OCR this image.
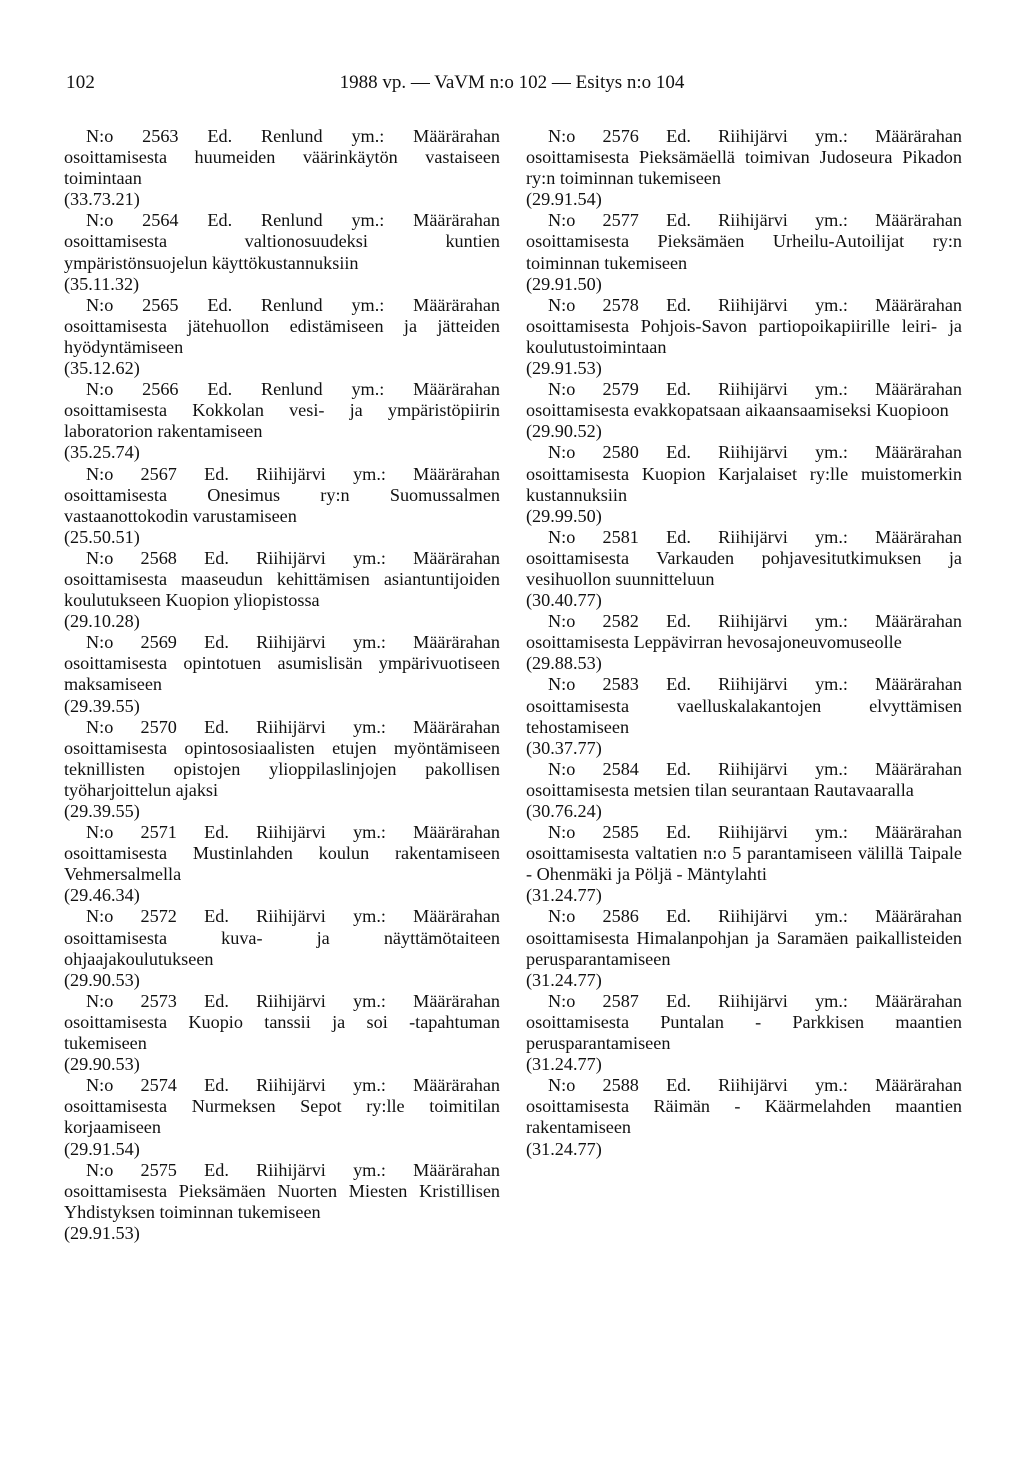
102	1988 vp. — VaVM n:o 102 — Esitys n:o 104

N:o 2563 Ed. Renlund ym.: Määrärahan
osoittamisesta huumeiden väärinkäytön vastaiseen toimintaan
(33.73.21)

N:o 2564 Ed. Renlund ym.: Määrärahan
osoittamisesta valtionosuudeksi kuntien ympäristönsuojelun käyttökustannuksiin
(35.11.32)

N:o 2565 Ed. Renlund ym.: Määrärahan
osoittamisesta jätehuollon edistämiseen ja jätteiden hyödyntämiseen
(35.12.62)

N:o 2566 Ed. Renlund ym.: Määrärahan
osoittamisesta Kokkolan vesi- ja ympäristöpiirin laboratorion rakentamiseen
(35.25.74)

N:o 2567 Ed. Riihijärvi ym.: Määrärahan
osoittamisesta Onesimus ry:n Suomussalmen vastaanottokodin varustamiseen
(25.50.51)

N:o 2568 Ed. Riihijärvi ym.: Määrärahan
osoittamisesta maaseudun kehittämisen asiantuntijoiden koulutukseen Kuopion yliopistossa
(29.10.28)

N:o 2569 Ed. Riihijärvi ym.: Määrärahan
osoittamisesta opintotuen asumislisän ympärivuotiseen maksamiseen
(29.39.55)

N:o 2570 Ed. Riihijärvi ym.: Määrärahan
osoittamisesta opintososiaalisten etujen myöntämiseen teknillisten opistojen ylioppilaslinjojen pakollisen työharjoittelun ajaksi
(29.39.55)

N:o 2571 Ed. Riihijärvi ym.: Määrärahan
osoittamisesta Mustinlahden koulun rakentamiseen Vehmersalmella
(29.46.34)

N:o 2572 Ed. Riihijärvi ym.: Määrärahan
osoittamisesta kuva- ja näyttämötaiteen ohjaajakoulutukseen
(29.90.53)

N:o 2573 Ed. Riihijärvi ym.: Määrärahan
osoittamisesta Kuopio tanssii ja soi -tapahtuman tukemiseen
(29.90.53)

N:o 2574 Ed. Riihijärvi ym.: Määrärahan
osoittamisesta Nurmeksen Sepot ry:lle toimitilan korjaamiseen
(29.91.54)

N:o 2575 Ed. Riihijärvi ym.: Määrärahan
osoittamisesta Pieksämäen Nuorten Miesten Kristillisen Yhdistyksen toiminnan tukemiseen
(29.91.53)

N:o 2576 Ed. Riihijärvi ym.: Määrärahan
osoittamisesta Pieksämäellä toimivan Judoseura Pikadon ry:n toiminnan tukemiseen
(29.91.54)

N:o 2577 Ed. Riihijärvi ym.: Määrärahan
osoittamisesta Pieksämäen Urheilu-Autoilijat ry:n toiminnan tukemiseen
(29.91.50)

N:o 2578 Ed. Riihijärvi ym.: Määrärahan
osoittamisesta Pohjois-Savon partiopoikapiirille leiri- ja koulutustoimintaan
(29.91.53)

N:o 2579 Ed. Riihijärvi ym.: Määrärahan
osoittamisesta evakkopatsaan aikaansaamiseksi Kuopioon
(29.90.52)

N:o 2580 Ed. Riihijärvi ym.: Määrärahan
osoittamisesta Kuopion Karjalaiset ry:lle muistomerkin kustannuksiin
(29.99.50)

N:o 2581 Ed. Riihijärvi ym.: Määrärahan
osoittamisesta Varkauden pohjavesitutkimuksen ja vesihuollon suunnitteluun
(30.40.77)

N:o 2582 Ed. Riihijärvi ym.: Määrärahan
osoittamisesta Leppävirran hevosajoneuvomuseolle
(29.88.53)

N:o 2583 Ed. Riihijärvi ym.: Määrärahan
osoittamisesta vaelluskalakantojen elvyttämisen tehostamiseen
(30.37.77)

N:o 2584 Ed. Riihijärvi ym.: Määrärahan
osoittamisesta metsien tilan seurantaan Rautavaaralla
(30.76.24)

N:o 2585 Ed. Riihijärvi ym.: Määrärahan
osoittamisesta valtatien n:o 5 parantamiseen välillä Taipale - Ohenmäki ja Pöljä - Mäntylahti
(31.24.77)

N:o 2586 Ed. Riihijärvi ym.: Määrärahan
osoittamisesta Himalanpohjan ja Saramäen paikallisteiden perusparantamiseen
(31.24.77)

N:o 2587 Ed. Riihijärvi ym.: Määrärahan
osoittamisesta Puntalan - Parkkisen maantien perusparantamiseen
(31.24.77)

N:o 2588 Ed. Riihijärvi ym.: Määrärahan
osoittamisesta Räimän - Käärmelahden maantien rakentamiseen
(31.24.77)
